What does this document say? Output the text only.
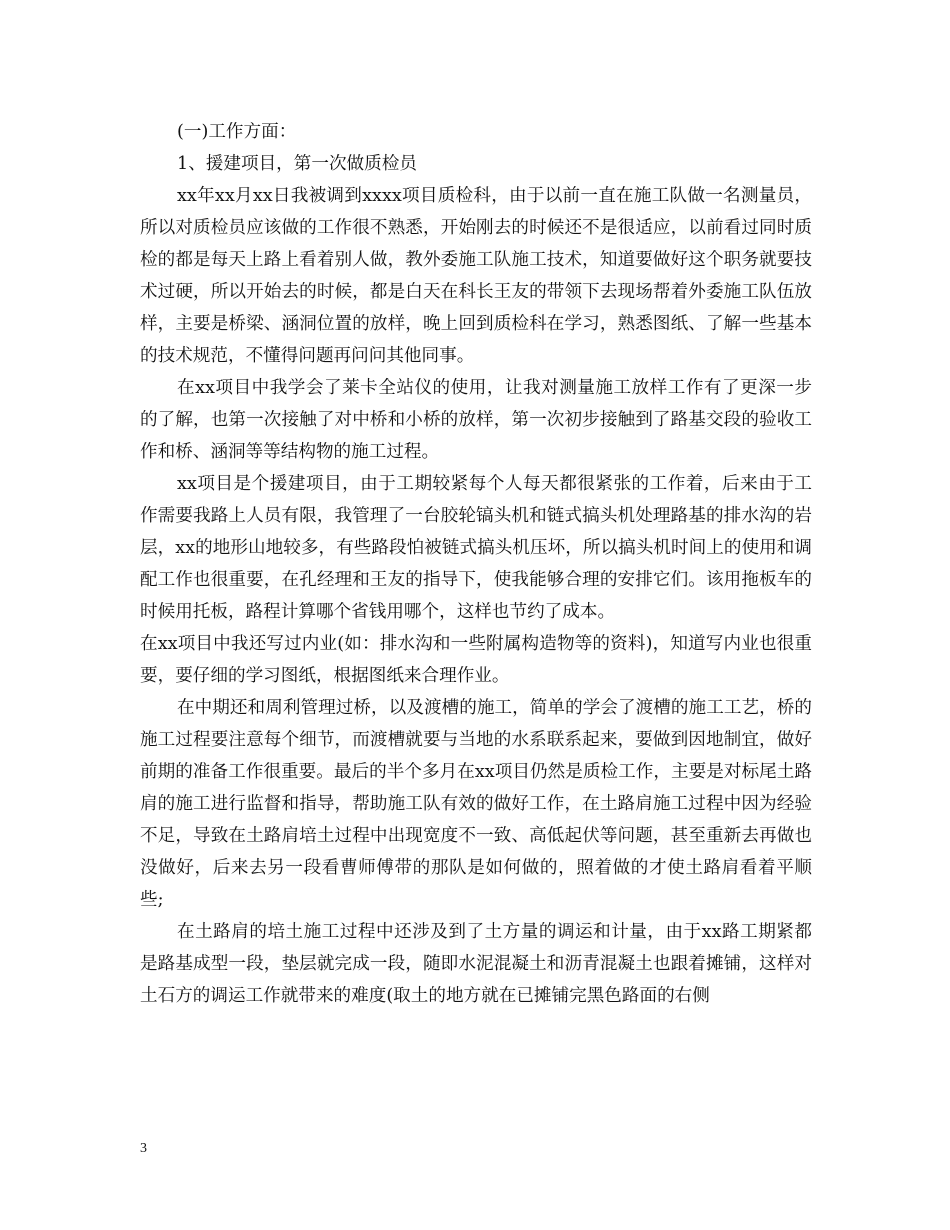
(一)工作方面：

1、援建项目，第一次做质检员

xx年xx月xx日我被调到xxxx项目质检科，由于以前一直在施工队做一名测量员，所以对质检员应该做的工作很不熟悉，开始刚去的时候还不是很适应，以前看过同时质检的都是每天上路上看着别人做，教外委施工队施工技术，知道要做好这个职务就要技术过硬，所以开始去的时候，都是白天在科长王友的带领下去现场帮着外委施工队伍放样，主要是桥梁、涵洞位置的放样，晚上回到质检科在学习，熟悉图纸、了解一些基本的技术规范，不懂得问题再问问其他同事。

在xx项目中我学会了莱卡全站仪的使用，让我对测量施工放样工作有了更深一步的了解，也第一次接触了对中桥和小桥的放样，第一次初步接触到了路基交段的验收工作和桥、涵洞等等结构物的施工过程。

xx项目是个援建项目，由于工期较紧每个人每天都很紧张的工作着，后来由于工作需要我路上人员有限，我管理了一台胶轮镐头机和链式搞头机处理路基的排水沟的岩层，xx的地形山地较多，有些路段怕被链式搞头机压坏，所以搞头机时间上的使用和调配工作也很重要，在孔经理和王友的指导下，使我能够合理的安排它们。该用拖板车的时候用托板，路程计算哪个省钱用哪个，这样也节约了成本。

在xx项目中我还写过内业(如：排水沟和一些附属构造物等的资料)，知道写内业也很重要，要仔细的学习图纸，根据图纸来合理作业。

在中期还和周利管理过桥，以及渡槽的施工，简单的学会了渡槽的施工工艺，桥的施工过程要注意每个细节，而渡槽就要与当地的水系联系起来，要做到因地制宜，做好前期的准备工作很重要。最后的半个多月在xx项目仍然是质检工作，主要是对标尾土路肩的施工进行监督和指导，帮助施工队有效的做好工作，在土路肩施工过程中因为经验不足，导致在土路肩培土过程中出现宽度不一致、高低起伏等问题，甚至重新去再做也没做好，后来去另一段看曹师傅带的那队是如何做的，照着做的才使土路肩看着平顺些;

在土路肩的培土施工过程中还涉及到了土方量的调运和计量，由于xx路工期紧都是路基成型一段，垫层就完成一段，随即水泥混凝土和沥青混凝土也跟着摊铺，这样对土石方的调运工作就带来的难度(取土的地方就在已摊铺完黑色路面的右侧

3
